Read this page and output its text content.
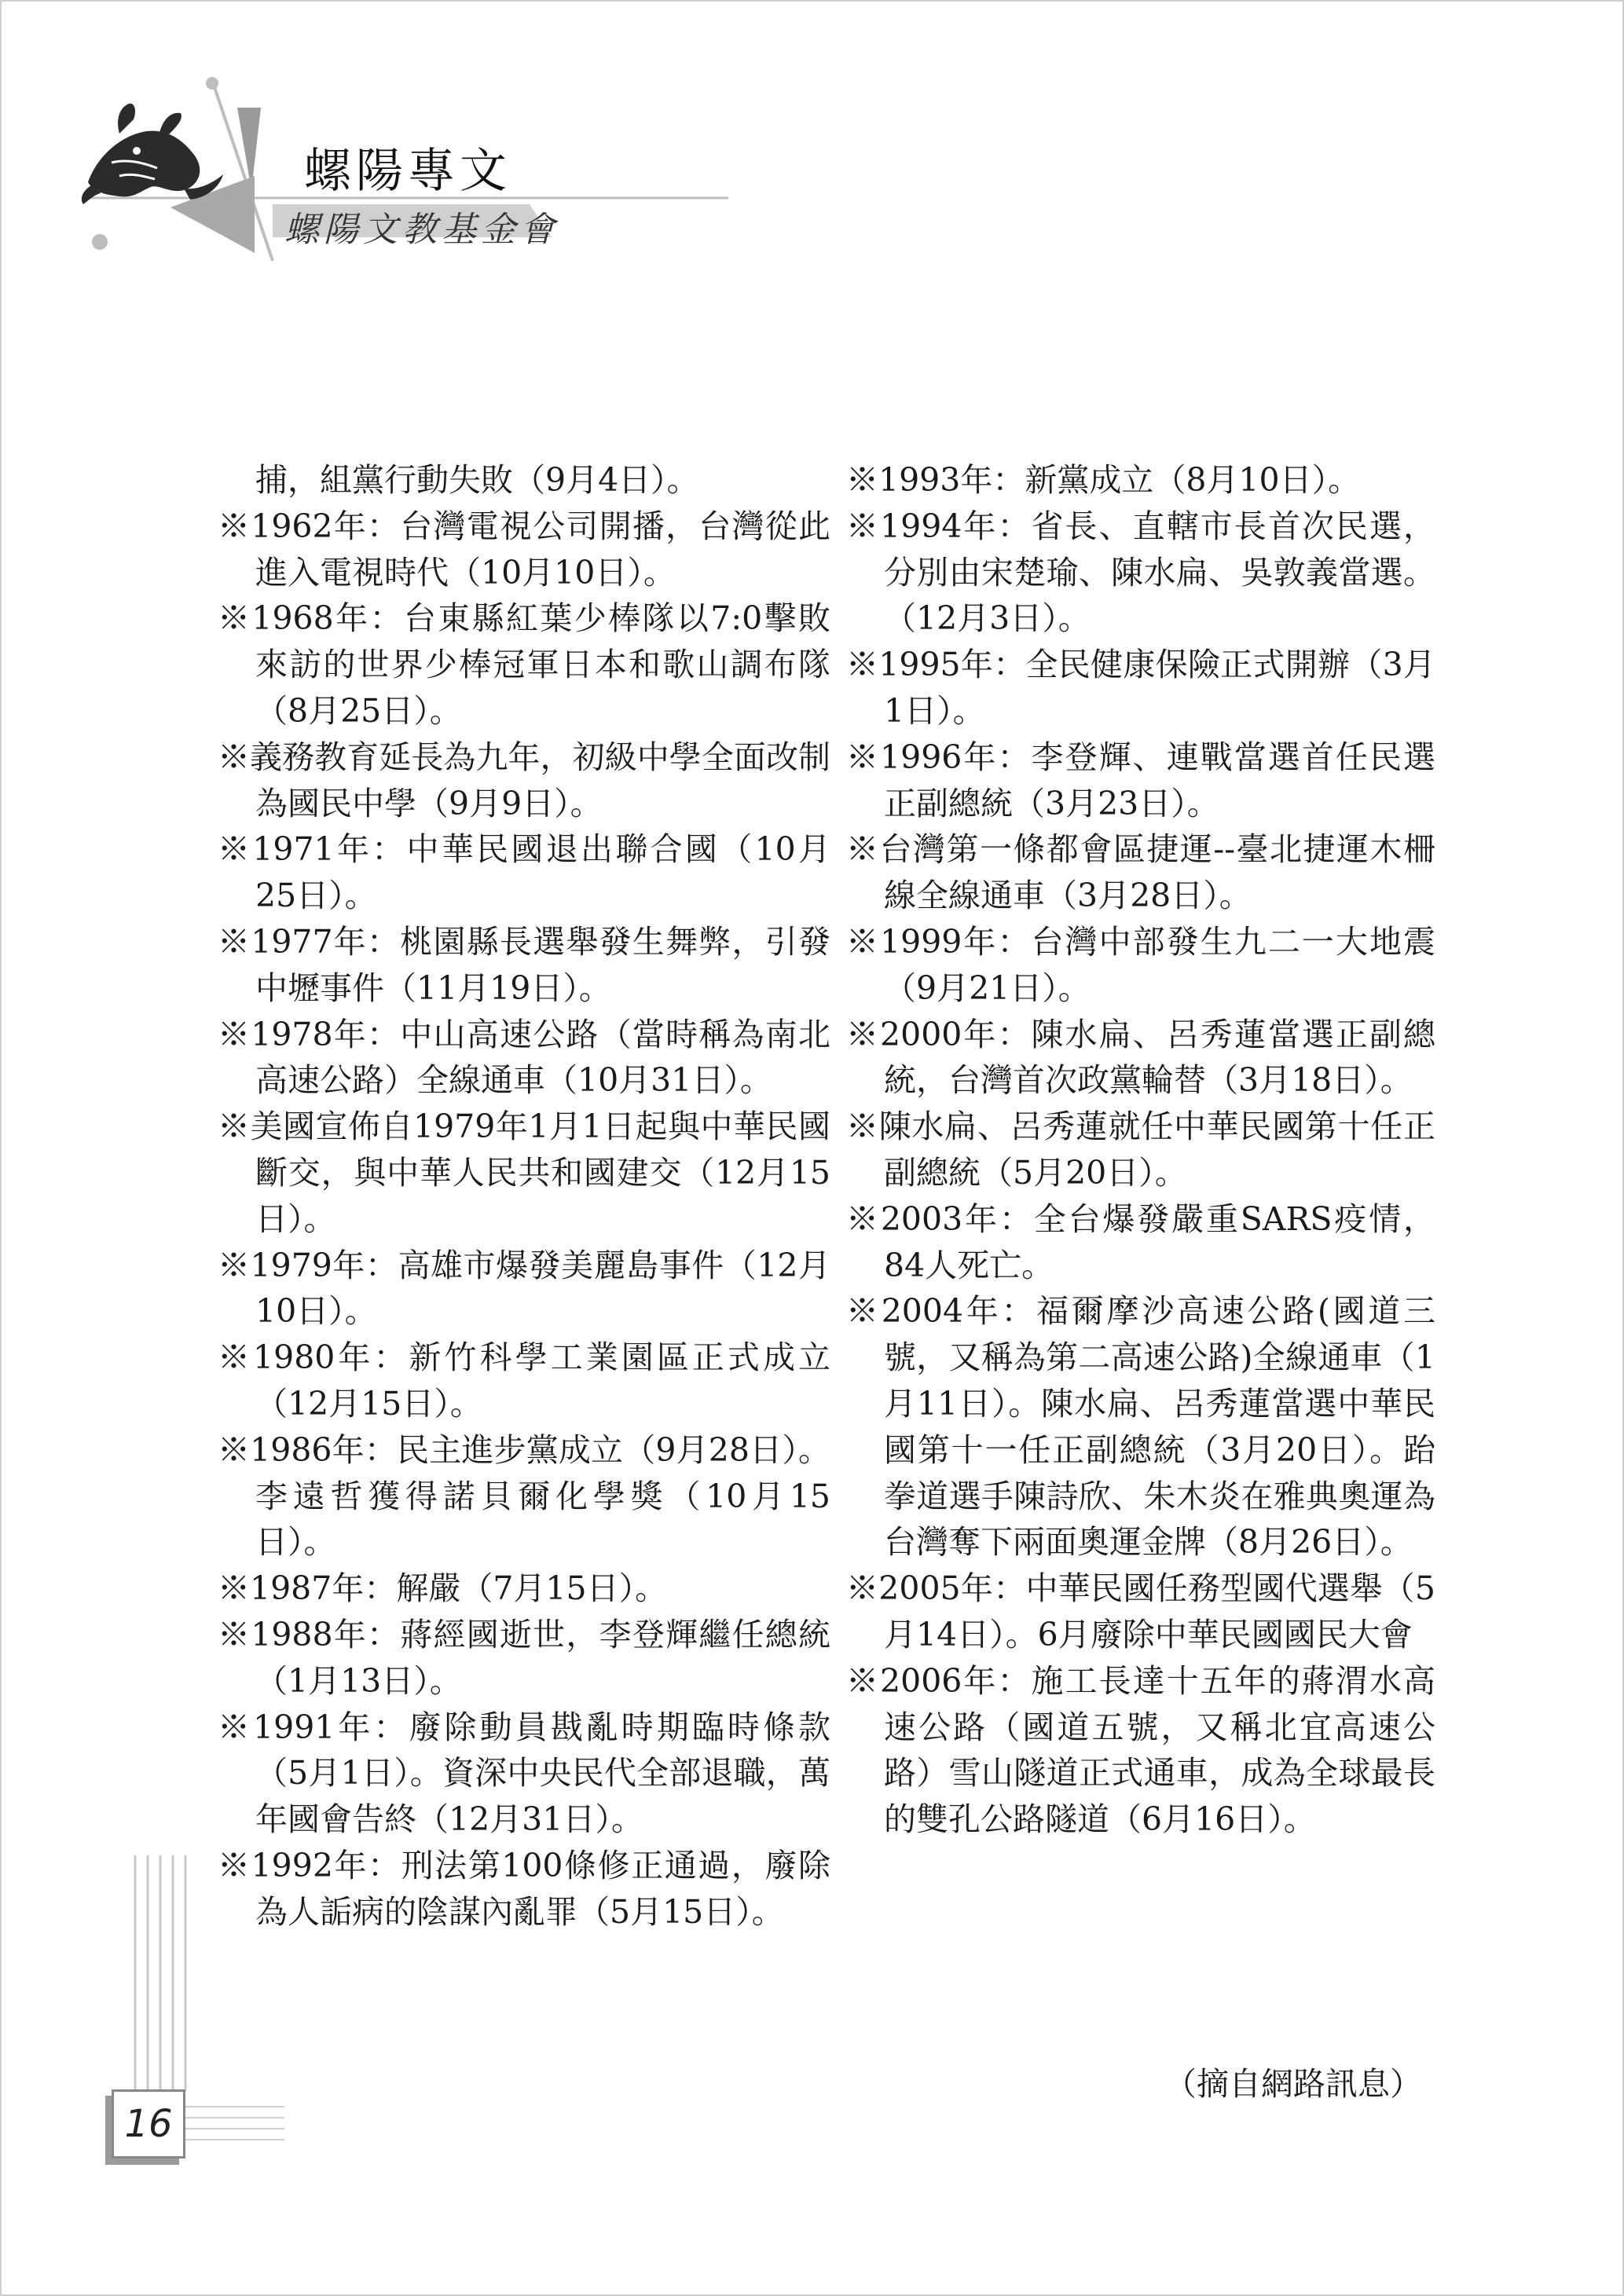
螺陽專文
螺陽文教基金會
捕，組黨行動失敗（9月4日）。
※1962年：台灣電視公司開播，台灣從此進入電視時代（10月10日）。
※1968年：台東縣紅葉少棒隊以7:0擊敗來訪的世界少棒冠軍日本和歌山調布隊（8月25日）。
※義務教育延長為九年，初級中學全面改制為國民中學（9月9日）。
※1971年：中華民國退出聯合國（10月25日）。
※1977年：桃園縣長選舉發生舞弊，引發中壢事件（11月19日）。
※1978年：中山高速公路（當時稱為南北高速公路）全線通車（10月31日）。
※美國宣佈自1979年1月1日起與中華民國斷交，與中華人民共和國建交（12月15日）。
※1979年：高雄市爆發美麗島事件（12月10日）。
※1980年：新竹科學工業園區正式成立（12月15日）。
※1986年：民主進步黨成立（9月28日）。李遠哲獲得諾貝爾化學獎（10月15日）。
※1987年：解嚴（7月15日）。
※1988年：蔣經國逝世，李登輝繼任總統（1月13日）。
※1991年：廢除動員戡亂時期臨時條款（5月1日）。資深中央民代全部退職，萬年國會告終（12月31日）。
※1992年：刑法第100條修正通過，廢除為人詬病的陰謀內亂罪（5月15日）。
※1993年：新黨成立（8月10日）。
※1994年：省長、直轄市長首次民選，分別由宋楚瑜、陳水扁、吳敦義當選。（12月3日）。
※1995年：全民健康保險正式開辦（3月1日）。
※1996年：李登輝、連戰當選首任民選正副總統（3月23日）。
※台灣第一條都會區捷運--臺北捷運木柵線全線通車（3月28日）。
※1999年：台灣中部發生九二一大地震（9月21日）。
※2000年：陳水扁、呂秀蓮當選正副總統，台灣首次政黨輪替（3月18日）。
※陳水扁、呂秀蓮就任中華民國第十任正副總統（5月20日）。
※2003年：全台爆發嚴重SARS疫情，84人死亡。
※2004年：福爾摩沙高速公路(國道三號，又稱為第二高速公路)全線通車（1月11日）。陳水扁、呂秀蓮當選中華民國第十一任正副總統（3月20日）。跆拳道選手陳詩欣、朱木炎在雅典奧運為台灣奪下兩面奧運金牌（8月26日）。
※2005年：中華民國任務型國代選舉（5月14日）。6月廢除中華民國國民大會
※2006年：施工長達十五年的蔣渭水高速公路（國道五號，又稱北宜高速公路）雪山隧道正式通車，成為全球最長的雙孔公路隧道（6月16日）。
（摘自網路訊息）
16
